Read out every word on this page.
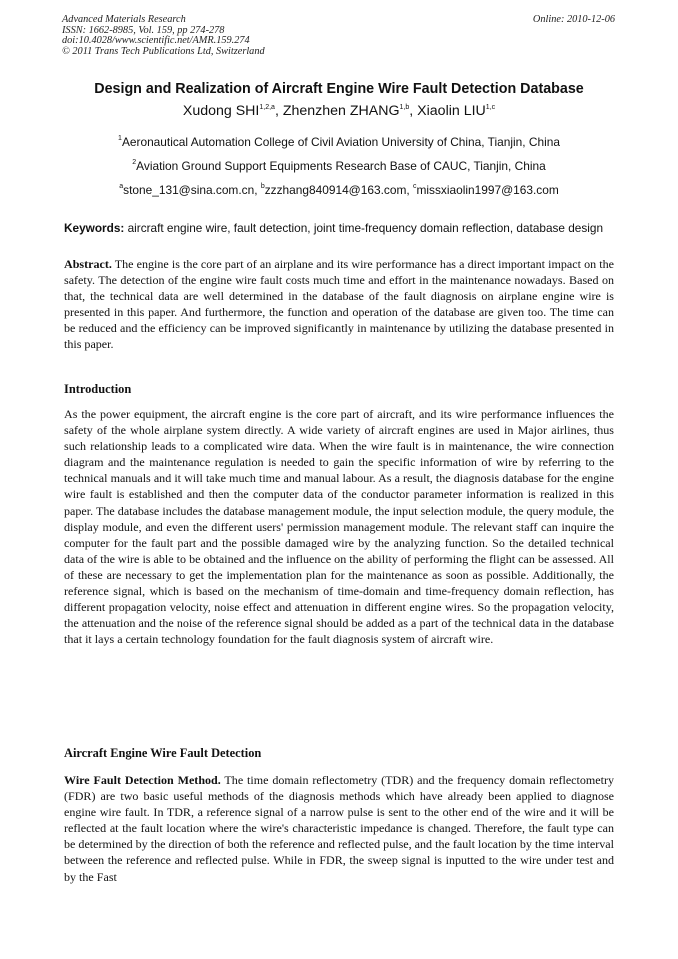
Advanced Materials Research
ISSN: 1662-8985, Vol. 159, pp 274-278
doi:10.4028/www.scientific.net/AMR.159.274
© 2011 Trans Tech Publications Ltd, Switzerland
Online: 2010-12-06
Design and Realization of Aircraft Engine Wire Fault Detection Database
Xudong SHI$^{1,2,a}$, Zhenzhen ZHANG$^{1,b}$, Xiaolin LIU$^{1,c}$
$^1$Aeronautical Automation College of Civil Aviation University of China, Tianjin, China
$^2$Aviation Ground Support Equipments Research Base of CAUC, Tianjin, China
$^a$stone_131@sina.com.cn, $^b$zzzhang840914@163.com, $^c$missxiaolin1997@163.com
Keywords: aircraft engine wire, fault detection, joint time-frequency domain reflection, database design
Abstract. The engine is the core part of an airplane and its wire performance has a direct important impact on the safety. The detection of the engine wire fault costs much time and effort in the maintenance nowadays. Based on that, the technical data are well determined in the database of the fault diagnosis on airplane engine wire is presented in this paper. And furthermore, the function and operation of the database are given too. The time can be reduced and the efficiency can be improved significantly in maintenance by utilizing the database presented in this paper.
Introduction
As the power equipment, the aircraft engine is the core part of aircraft, and its wire performance influences the safety of the whole airplane system directly. A wide variety of aircraft engines are used in Major airlines, thus such relationship leads to a complicated wire data. When the wire fault is in maintenance, the wire connection diagram and the maintenance regulation is needed to gain the specific information of wire by referring to the technical manuals and it will take much time and manual labour. As a result, the diagnosis database for the engine wire fault is established and then the computer data of the conductor parameter information is realized in this paper. The database includes the database management module, the input selection module, the query module, the display module, and even the different users' permission management module. The relevant staff can inquire the computer for the fault part and the possible damaged wire by the analyzing function. So the detailed technical data of the wire is able to be obtained and the influence on the ability of performing the flight can be assessed. All of these are necessary to get the implementation plan for the maintenance as soon as possible. Additionally, the reference signal, which is based on the mechanism of time-domain and time-frequency domain reflection, has different propagation velocity, noise effect and attenuation in different engine wires. So the propagation velocity, the attenuation and the noise of the reference signal should be added as a part of the technical data in the database that it lays a certain technology foundation for the fault diagnosis system of aircraft wire.
Aircraft Engine Wire Fault Detection
Wire Fault Detection Method. The time domain reflectometry (TDR) and the frequency domain reflectometry (FDR) are two basic useful methods of the diagnosis methods which have already been applied to diagnose engine wire fault. In TDR, a reference signal of a narrow pulse is sent to the other end of the wire and it will be reflected at the fault location where the wire's characteristic impedance is changed. Therefore, the fault type can be determined by the direction of both the reference and reflected pulse, and the fault location by the time interval between the reference and reflected pulse. While in FDR, the sweep signal is inputted to the wire under test and by the Fast
